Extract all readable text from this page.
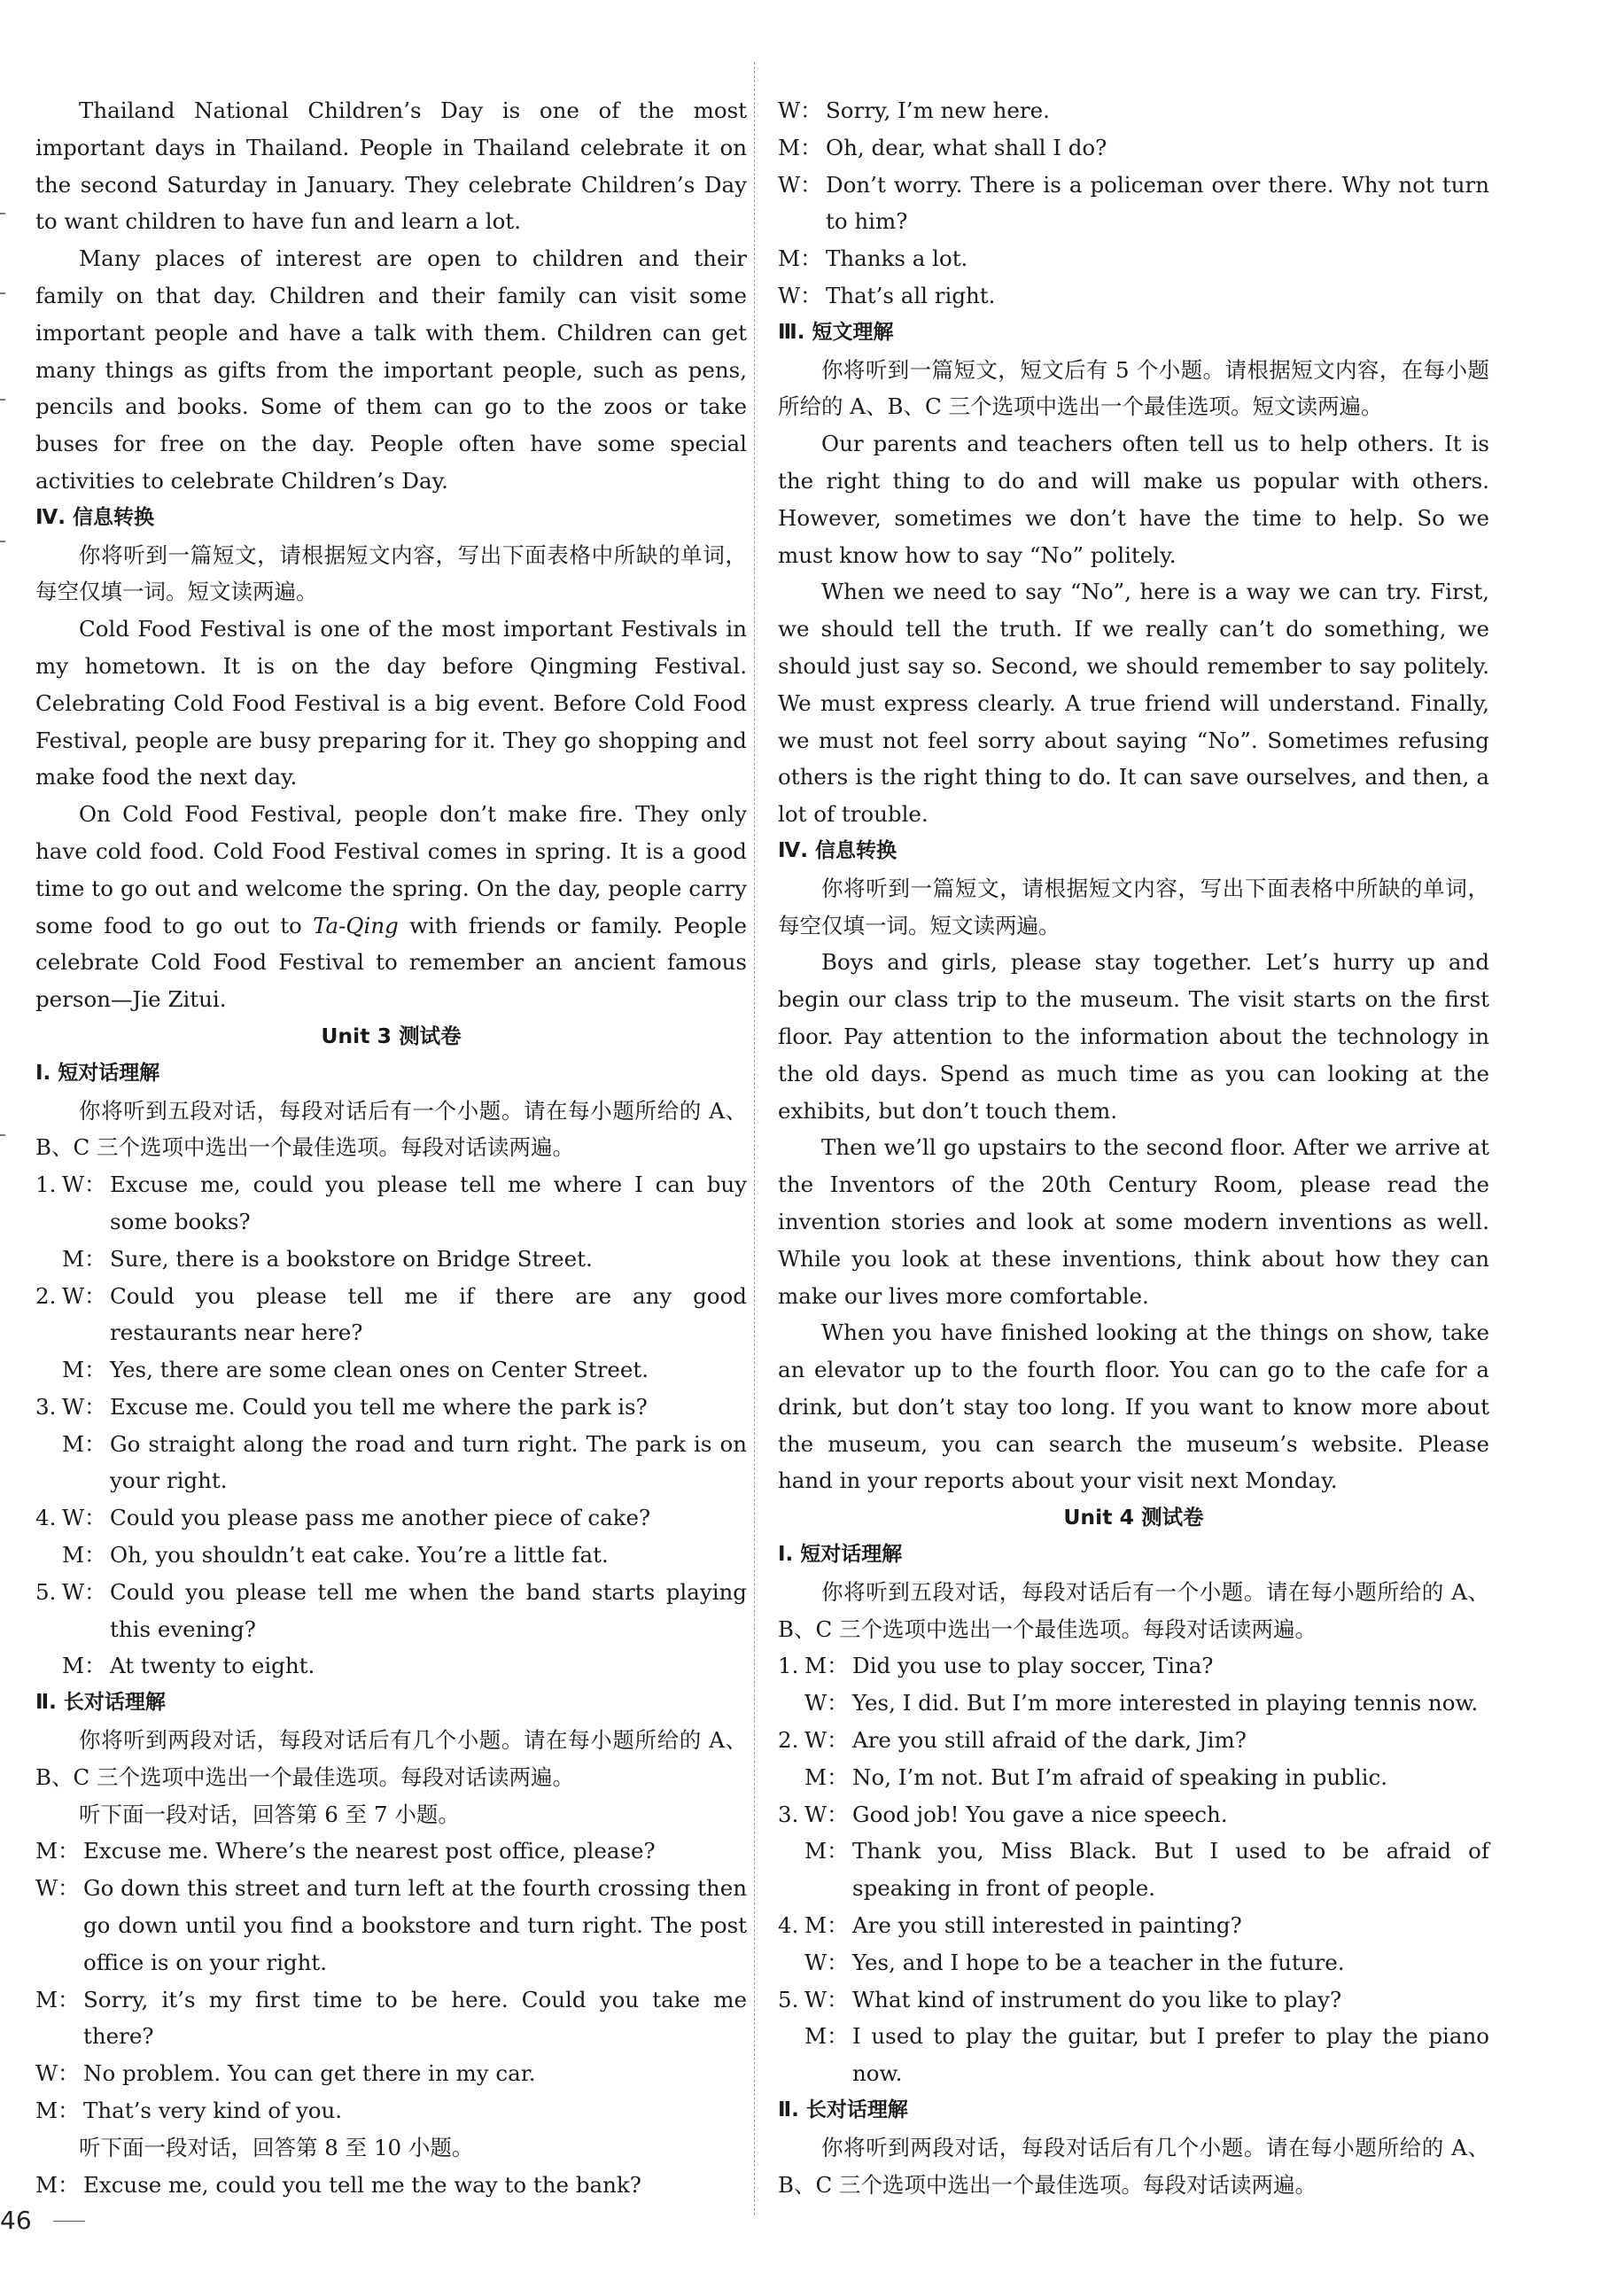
Thailand National Children’s Day is one of the most important days in Thailand. People in Thailand celebrate it on the second Saturday in January. They celebrate Children’s Day to want children to have fun and learn a lot.

Many places of interest are open to children and their family on that day. Children and their family can visit some important people and have a talk with them. Children can get many things as gifts from the important people, such as pens, pencils and books. Some of them can go to the zoos or take buses for free on the day. People often have some special activities to celebrate Children’s Day.

Ⅳ. 信息转换

你将听到一篇短文，请根据短文内容，写出下面表格中所缺的单词，每空仅填一词。短文读两遍。

Cold Food Festival is one of the most important Festivals in my hometown. It is on the day before Qingming Festival. Celebrating Cold Food Festival is a big event. Before Cold Food Festival, people are busy preparing for it. They go shopping and make food the next day.

On Cold Food Festival, people don’t make fire. They only have cold food. Cold Food Festival comes in spring. It is a good time to go out and welcome the spring. On the day, people carry some food to go out to Ta-Qing with friends or family. People celebrate Cold Food Festival to remember an ancient famous person—Jie Zitui.

Unit 3 测试卷

Ⅰ. 短对话理解

你将听到五段对话，每段对话后有一个小题。请在每小题所给的 A、B、C 三个选项中选出一个最佳选项。每段对话读两遍。

1. W： Excuse me, could you please tell me where I can buy some books?
M： Sure, there is a bookstore on Bridge Street.
2. W： Could you please tell me if there are any good restaurants near here?
M： Yes, there are some clean ones on Center Street.
3. W： Excuse me. Could you tell me where the park is?
M： Go straight along the road and turn right. The park is on your right.
4. W： Could you please pass me another piece of cake?
M： Oh, you shouldn’t eat cake. You’re a little fat.
5. W： Could you please tell me when the band starts playing this evening?
M： At twenty to eight.

Ⅱ. 长对话理解

你将听到两段对话，每段对话后有几个小题。请在每小题所给的 A、B、C 三个选项中选出一个最佳选项。每段对话读两遍。

听下面一段对话，回答第 6 至 7 小题。

M： Excuse me. Where’s the nearest post office, please?
W： Go down this street and turn left at the fourth crossing then go down until you find a bookstore and turn right. The post office is on your right.
M： Sorry, it’s my first time to be here. Could you take me there?
W： No problem. You can get there in my car.
M： That’s very kind of you.

听下面一段对话，回答第 8 至 10 小题。

M： Excuse me, could you tell me the way to the bank?
W： Sorry, I’m new here.
M： Oh, dear, what shall I do?
W： Don’t worry. There is a policeman over there. Why not turn to him?
M： Thanks a lot.
W： That’s all right.

Ⅲ. 短文理解

你将听到一篇短文，短文后有 5 个小题。请根据短文内容，在每小题所给的 A、B、C 三个选项中选出一个最佳选项。短文读两遍。

Our parents and teachers often tell us to help others. It is the right thing to do and will make us popular with others. However, sometimes we don’t have the time to help. So we must know how to say “No” politely.

When we need to say “No”, here is a way we can try. First, we should tell the truth. If we really can’t do something, we should just say so. Second, we should remember to say politely. We must express clearly. A true friend will understand. Finally, we must not feel sorry about saying “No”. Sometimes refusing others is the right thing to do. It can save ourselves, and then, a lot of trouble.

Ⅳ. 信息转换

你将听到一篇短文，请根据短文内容，写出下面表格中所缺的单词，每空仅填一词。短文读两遍。

Boys and girls, please stay together. Let’s hurry up and begin our class trip to the museum. The visit starts on the first floor. Pay attention to the information about the technology in the old days. Spend as much time as you can looking at the exhibits, but don’t touch them.

Then we’ll go upstairs to the second floor. After we arrive at the Inventors of the 20th Century Room, please read the invention stories and look at some modern inventions as well. While you look at these inventions, think about how they can make our lives more comfortable.

When you have finished looking at the things on show, take an elevator up to the fourth floor. You can go to the cafe for a drink, but don’t stay too long. If you want to know more about the museum, you can search the museum’s website. Please hand in your reports about your visit next Monday.

Unit 4 测试卷

Ⅰ. 短对话理解

你将听到五段对话，每段对话后有一个小题。请在每小题所给的 A、B、C 三个选项中选出一个最佳选项。每段对话读两遍。

1. M： Did you use to play soccer, Tina?
W： Yes, I did. But I’m more interested in playing tennis now.
2. W： Are you still afraid of the dark, Jim?
M： No, I’m not. But I’m afraid of speaking in public.
3. W： Good job! You gave a nice speech.
M： Thank you, Miss Black. But I used to be afraid of speaking in front of people.
4. M： Are you still interested in painting?
W： Yes, and I hope to be a teacher in the future.
5. W： What kind of instrument do you like to play?
M： I used to play the guitar, but I prefer to play the piano now.

Ⅱ. 长对话理解

你将听到两段对话，每段对话后有几个小题。请在每小题所给的 A、B、C 三个选项中选出一个最佳选项。每段对话读两遍。

46
